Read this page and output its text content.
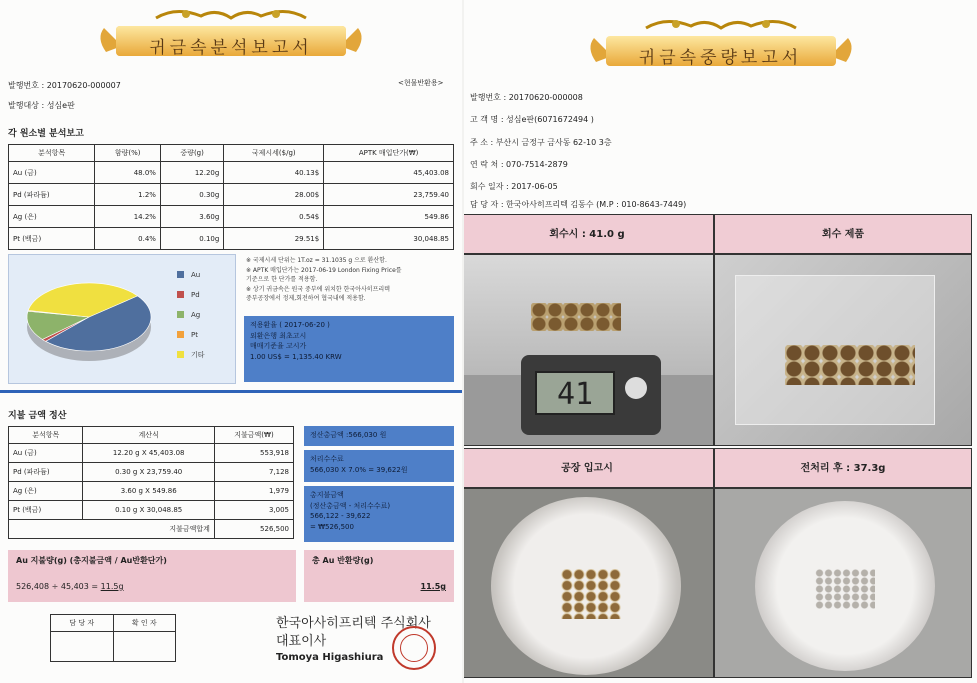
귀금속분석보고서
발행번호 : 20170620-000007	<현물반환용>
발행대상 : 성심e판
각 원소별 분석보고
분석항목	함량(%)	중량(g)	국제시세($/g)	APTK 매입단가(₩)
Au (금)	48.0%	12.20g	40.13$	45,403.08
Pd (파라듐)	1.2%	0.30g	28.00$	23,759.40
Ag (은)	14.2%	3.60g	0.54$	549.86
Pt (백금)	0.4%	0.10g	29.51$	30,048.85
Au
Pd
Ag
Pt
기타
※ 국제시세 단위는 1T.oz = 31.1035 g 으로 환산함.
※ APTK 매입단가는 2017-06-19 London Fixing Price를
기준으로 한 단가를 적용함.
※ 상기 귀금속은 원국 중부에 위치한 한국아사히프리텍
중부공장에서 정제,회전하여 협국내에 적용함.
적용환율 ( 2017-06-20 )
외환은행 최초고시
매매기준율 고시가
1.00 US$ = 1,135.40 KRW
지불 금액 정산
분석항목	계산식	지불금액(₩)
Au (금)	12.20 g X 45,403.08	553,918
Pd (파라듐)	0.30 g X 23,759.40	7,128
Ag (은)	3.60 g X 549.86	1,979
Pt (백금)	0.10 g X 30,048.85	3,005
지불금액합계		526,500
정산총금액 :566,030 원
처리수수료
566,030 X 7.0% = 39,622원
총지불금액
(정산총금액 - 처리수수료)
566,122 - 39,622
= ₩526,500
Au 지불량(g) (총지불금액 / Au반환단가)
526,408 ÷ 45,403 = 11.5g
총 Au 반환량(g)
11.5g
담 당 자	확 인 자
		한국아사히프리텍 주식회사
대표이사
Tomoya Higashiura
귀금속중량보고서
발행번호 : 20170620-000008
고 객 명 : 성심e판(6071672494 )
주 소 : 부산시 금정구 금사동 62-10 3층
연 락 처 : 070-7514-2879
회수 일자 : 2017-06-05
담 당 자 : 한국아사히프리텍 김동수 (M.P : 010-8643-7449)
회수시 : 41.0 g	회수 제품
41
공장 입고시	전처리 후 : 37.3g
